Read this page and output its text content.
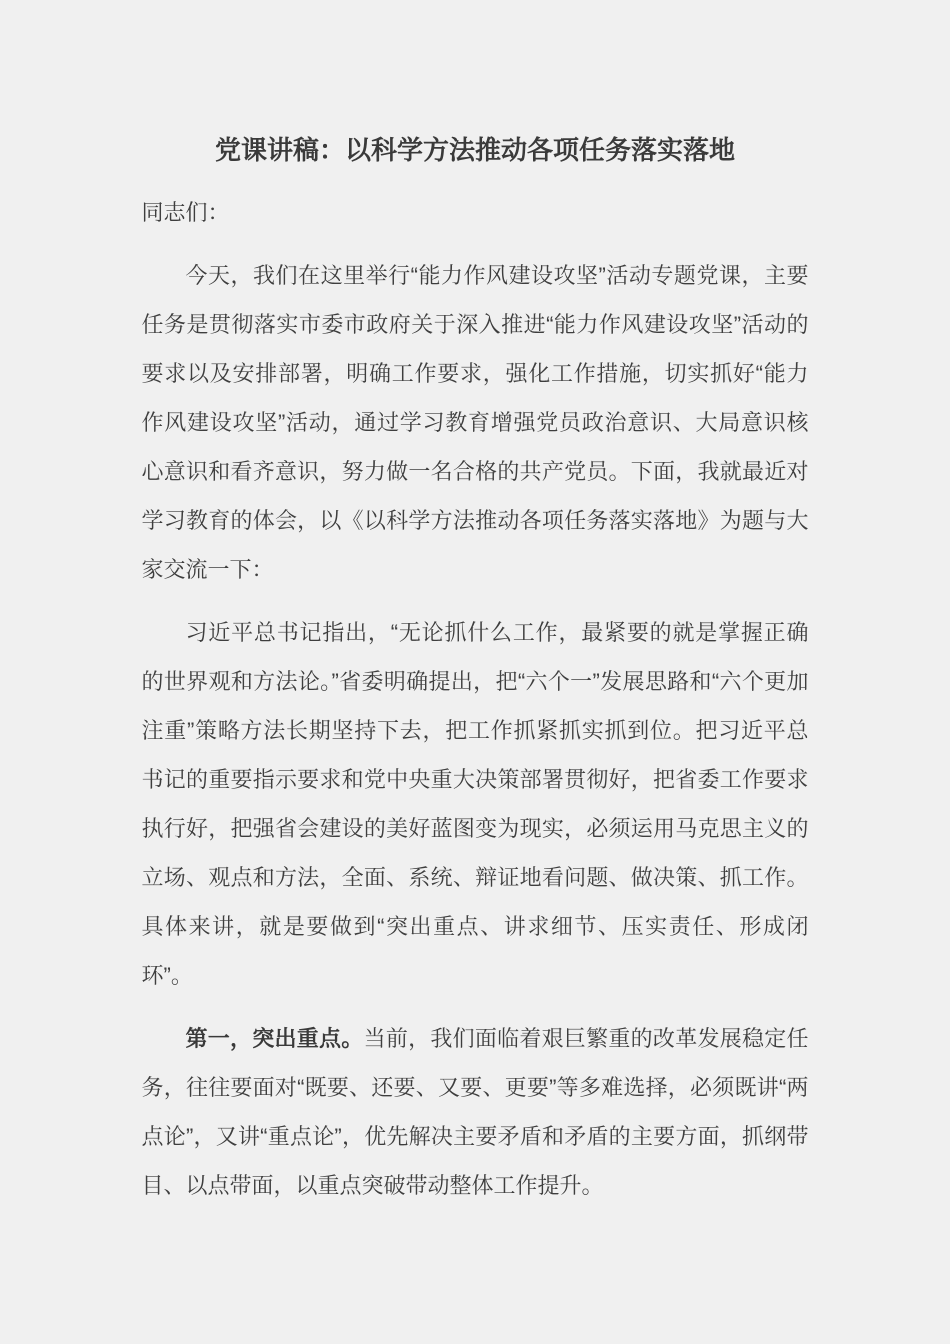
党课讲稿：以科学方法推动各项任务落实落地

同志们：

今天，我们在这里举行“能力作风建设攻坚”活动专题党课，主要任务是贯彻落实市委市政府关于深入推进“能力作风建设攻坚”活动的要求以及安排部署，明确工作要求，强化工作措施，切实抓好“能力作风建设攻坚”活动，通过学习教育增强党员政治意识、大局意识核心意识和看齐意识，努力做一名合格的共产党员。下面，我就最近对学习教育的体会，以《以科学方法推动各项任务落实落地》为题与大家交流一下：

习近平总书记指出，“无论抓什么工作，最紧要的就是掌握正确的世界观和方法论。”省委明确提出，把“六个一”发展思路和“六个更加注重”策略方法长期坚持下去，把工作抓紧抓实抓到位。把习近平总书记的重要指示要求和党中央重大决策部署贯彻好，把省委工作要求执行好，把强省会建设的美好蓝图变为现实，必须运用马克思主义的立场、观点和方法，全面、系统、辩证地看问题、做决策、抓工作。具体来讲，就是要做到“突出重点、讲求细节、压实责任、形成闭环”。

第一，突出重点。当前，我们面临着艰巨繁重的改革发展稳定任务，往往要面对“既要、还要、又要、更要”等多难选择，必须既讲“两点论”，又讲“重点论”，优先解决主要矛盾和矛盾的主要方面，抓纲带目、以点带面，以重点突破带动整体工作提升。
